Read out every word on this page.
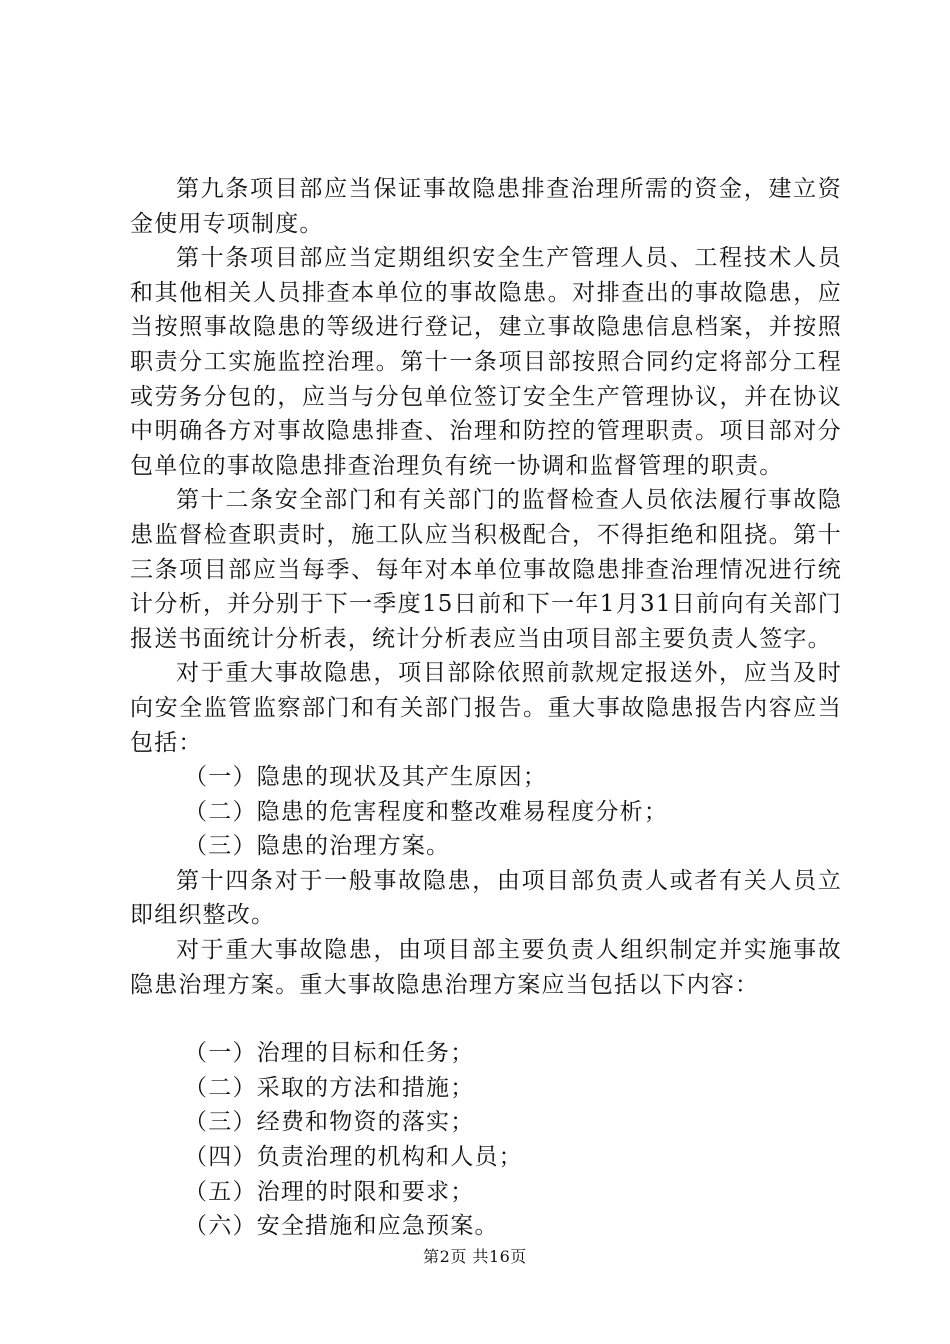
第九条项目部应当保证事故隐患排查治理所需的资金，建立资金使用专项制度。

第十条项目部应当定期组织安全生产管理人员、工程技术人员和其他相关人员排查本单位的事故隐患。对排查出的事故隐患，应当按照事故隐患的等级进行登记，建立事故隐患信息档案，并按照职责分工实施监控治理。第十一条项目部按照合同约定将部分工程或劳务分包的，应当与分包单位签订安全生产管理协议，并在协议中明确各方对事故隐患排查、治理和防控的管理职责。项目部对分包单位的事故隐患排查治理负有统一协调和监督管理的职责。

第十二条安全部门和有关部门的监督检查人员依法履行事故隐患监督检查职责时，施工队应当积极配合，不得拒绝和阻挠。第十三条项目部应当每季、每年对本单位事故隐患排查治理情况进行统计分析，并分别于下一季度15日前和下一年1月31日前向有关部门报送书面统计分析表，统计分析表应当由项目部主要负责人签字。

对于重大事故隐患，项目部除依照前款规定报送外，应当及时向安全监管监察部门和有关部门报告。重大事故隐患报告内容应当包括：

（一）隐患的现状及其产生原因；

（二）隐患的危害程度和整改难易程度分析；

（三）隐患的治理方案。

第十四条对于一般事故隐患，由项目部负责人或者有关人员立即组织整改。

对于重大事故隐患，由项目部主要负责人组织制定并实施事故隐患治理方案。重大事故隐患治理方案应当包括以下内容：

（一）治理的目标和任务；

（二）采取的方法和措施；

（三）经费和物资的落实；

（四）负责治理的机构和人员；

（五）治理的时限和要求；

（六）安全措施和应急预案。

第2页 共16页
